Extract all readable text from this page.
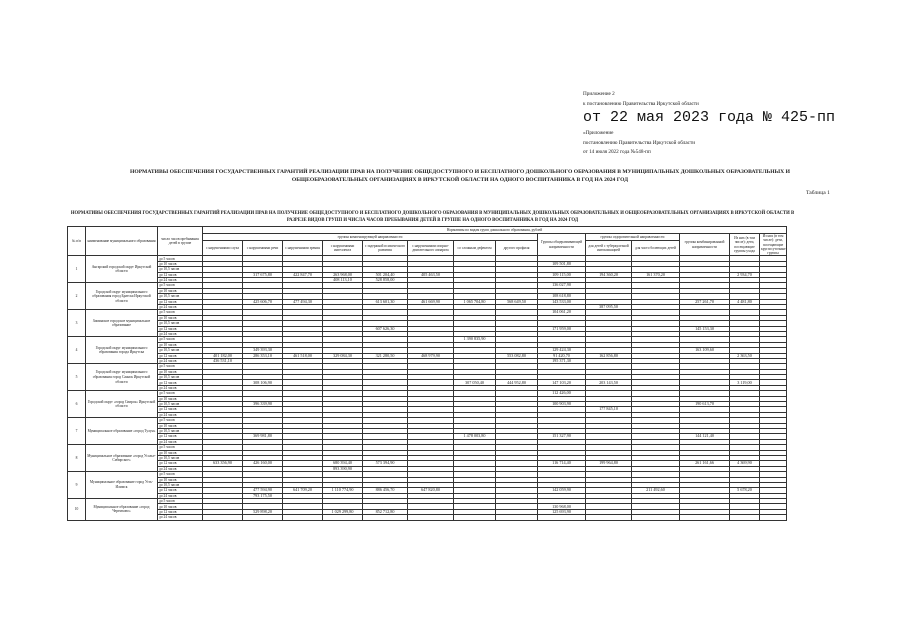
Приложение 2
к постановлению Правительства Иркутской области
от 22 мая 2023 года № 425-пп
«Приложение
постановлению Правительства Иркутской области
от 14 июля 2022 года №548-пп
НОРМАТИВЫ ОБЕСПЕЧЕНИЯ ГОСУДАРСТВЕННЫХ ГАРАНТИЙ РЕАЛИЗАЦИИ ПРАВ НА ПОЛУЧЕНИЕ ОБЩЕДОСТУПНОГО И БЕСПЛАТНОГО ДОШКОЛЬНОГО ОБРАЗОВАНИЯ В МУНИЦИПАЛЬНЫХ ДОШКОЛЬНЫХ ОБРАЗОВАТЕЛЬНЫХ И ОБЩЕОБРАЗОВАТЕЛЬНЫХ ОРГАНИЗАЦИЯХ В ИРКУТСКОЙ ОБЛАСТИ НА ОДНОГО ВОСПИТАННИКА В ГОД НА 2024 ГОД
Таблица 1
НОРМАТИВЫ ОБЕСПЕЧЕНИЯ ГОСУДАРСТВЕННЫХ ГАРАНТИЙ РЕАЛИЗАЦИИ ПРАВ НА ПОЛУЧЕНИЕ ОБЩЕДОСТУПНОГО И БЕСПЛАТНОГО ДОШКОЛЬНОГО ОБРАЗОВАНИЯ В МУНИЦИПАЛЬНЫХ ДОШКОЛЬНЫХ ОБРАЗОВАТЕЛЬНЫХ И ОБЩЕОБРАЗОВАТЕЛЬНЫХ ОРГАНИЗАЦИЯХ В ИРКУТСКОЙ ОБЛАСТИ В РАЗРЕЗЕ ВИДОВ ГРУПП И ЧИСЛА ЧАСОВ ПРЕБЫВАНИЯ ДЕТЕЙ В ГРУППЕ НА ОДНОГО ВОСПИТАННИКА В ГОД НА 2024 ГОД
№ п/п	наименование муниципального образования	число часов пребывания детей в группе	Нормативы по видам групп дошкольного образования, рублей													
			группы компенсирующей направленности								Группы общеразвивающей направленности	группы оздоровительной направленности		группы комбинированной направленности	Из них (в том числе): дети, посещающие группы ухода	Из них (в том числе): дети, посещающие круглосуточные группы
			с нарушениями слуха	с нарушениями речи	с нарушениями зрения	с нарушениями интеллекта	с задержкой психического развития	с нарушениями опорно-двигательного аппарата	со сложным дефектом	другого профиля		для детей с туберкулезной интоксикацией	для часто болеющих детей			

1	Ангарский городской округ Иркутской области	до 5 часов														
		до 10 часов									109 501,80					
		до 10,5 часов														
		до 12 часов		317 675,80	422 847,70	263 968,00	501 204,40	405 463,50			109 115,00	194 360,20	161 370,20		2 934,70	
		до 24 часов				408 113,10	528 858,00									
2	Городской округ муниципального образования город Братска Иркутской области	до 5 часов									136 027,90					
		до 10 часов														
		до 10,5 часов									108 618,80					
		до 12 часов		425 606,70	477 494,30		613 601,30	461 669,90	1 065 704,80	568 649,50	143 533,00			257 261,70	4 481,80	
		до 24 часов										387 095,50				
3	Зиминское городское муниципальное образование	до 5 часов									104 061,20					
		до 10 часов														
		до 10,5 часов														
		до 12 часов					607 626,30				171 959,00			145 153,30		
		до 24 часов														
4	Городской округ муниципального образования города Иркутска	до 5 часов							1 390 835,90							
		до 10 часов														
		до 10,5 часов		349 393,30							129 424,30			163 109,60		
		до 12 часов	401 182,00	286 353,10	461 518,00	329 084,30	321 280,50	468 979,90		553 082,80	91 420,70	162 856,80			2 363,50	
		до 24 часов	436 531,10								195 371,30					
5	Городской округ муниципального образования город Саянск Иркутской области	до 5 часов														
		до 10 часов														
		до 10,5 часов														
		до 12 часов		308 106,90					307 050,40	444 952,80	147 103,20	203 143,50			3 119,00	
		до 24 часов														
6	Городской округ «город Свирск» Иркутской области	до 5 часов									112 426,00					
		до 10 часов														
		до 10,5 часов		396 339,90							100 903,90			190 613,70		
		до 12 часов										177 845,10				
		до 24 часов														
7	Муниципальное образование «город Тулун»	до 5 часов														
		до 10 часов														
		до 10,5 часов														
		до 12 часов		369 981,80					1 478 003,80		151 327,90			144 121,40		
		до 24 часов														
8	Муниципальное образование «город Усолье-Сибирское»	до 5 часов														
		до 10 часов														
		до 10,5 часов														
		до 12 часов	633 356,90	426 160,00		680 394,40	573 394,90				116 714,40	199 964,80		261 161,66	4 369,90	
		до 24 часов				893 390,90										
9	Муниципальное образование город Усть-Илимск	до 5 часов														
		до 10 часов														
		до 10,5 часов														
		до 12 часов		477 594,90	641 709,20	1 110 774,90	886 456,70	647 820,80			142 059,90		211 492,60		5 678,20	
		до 24 часов		793 175,50												
10	Муниципальное образование «город Черемхово»	до 5 часов														
		до 10 часов									130 968,00					
		до 12 часов		529 898,20		1 029 299,80	852 712,80				125 693,90					
		до 24 часов														
